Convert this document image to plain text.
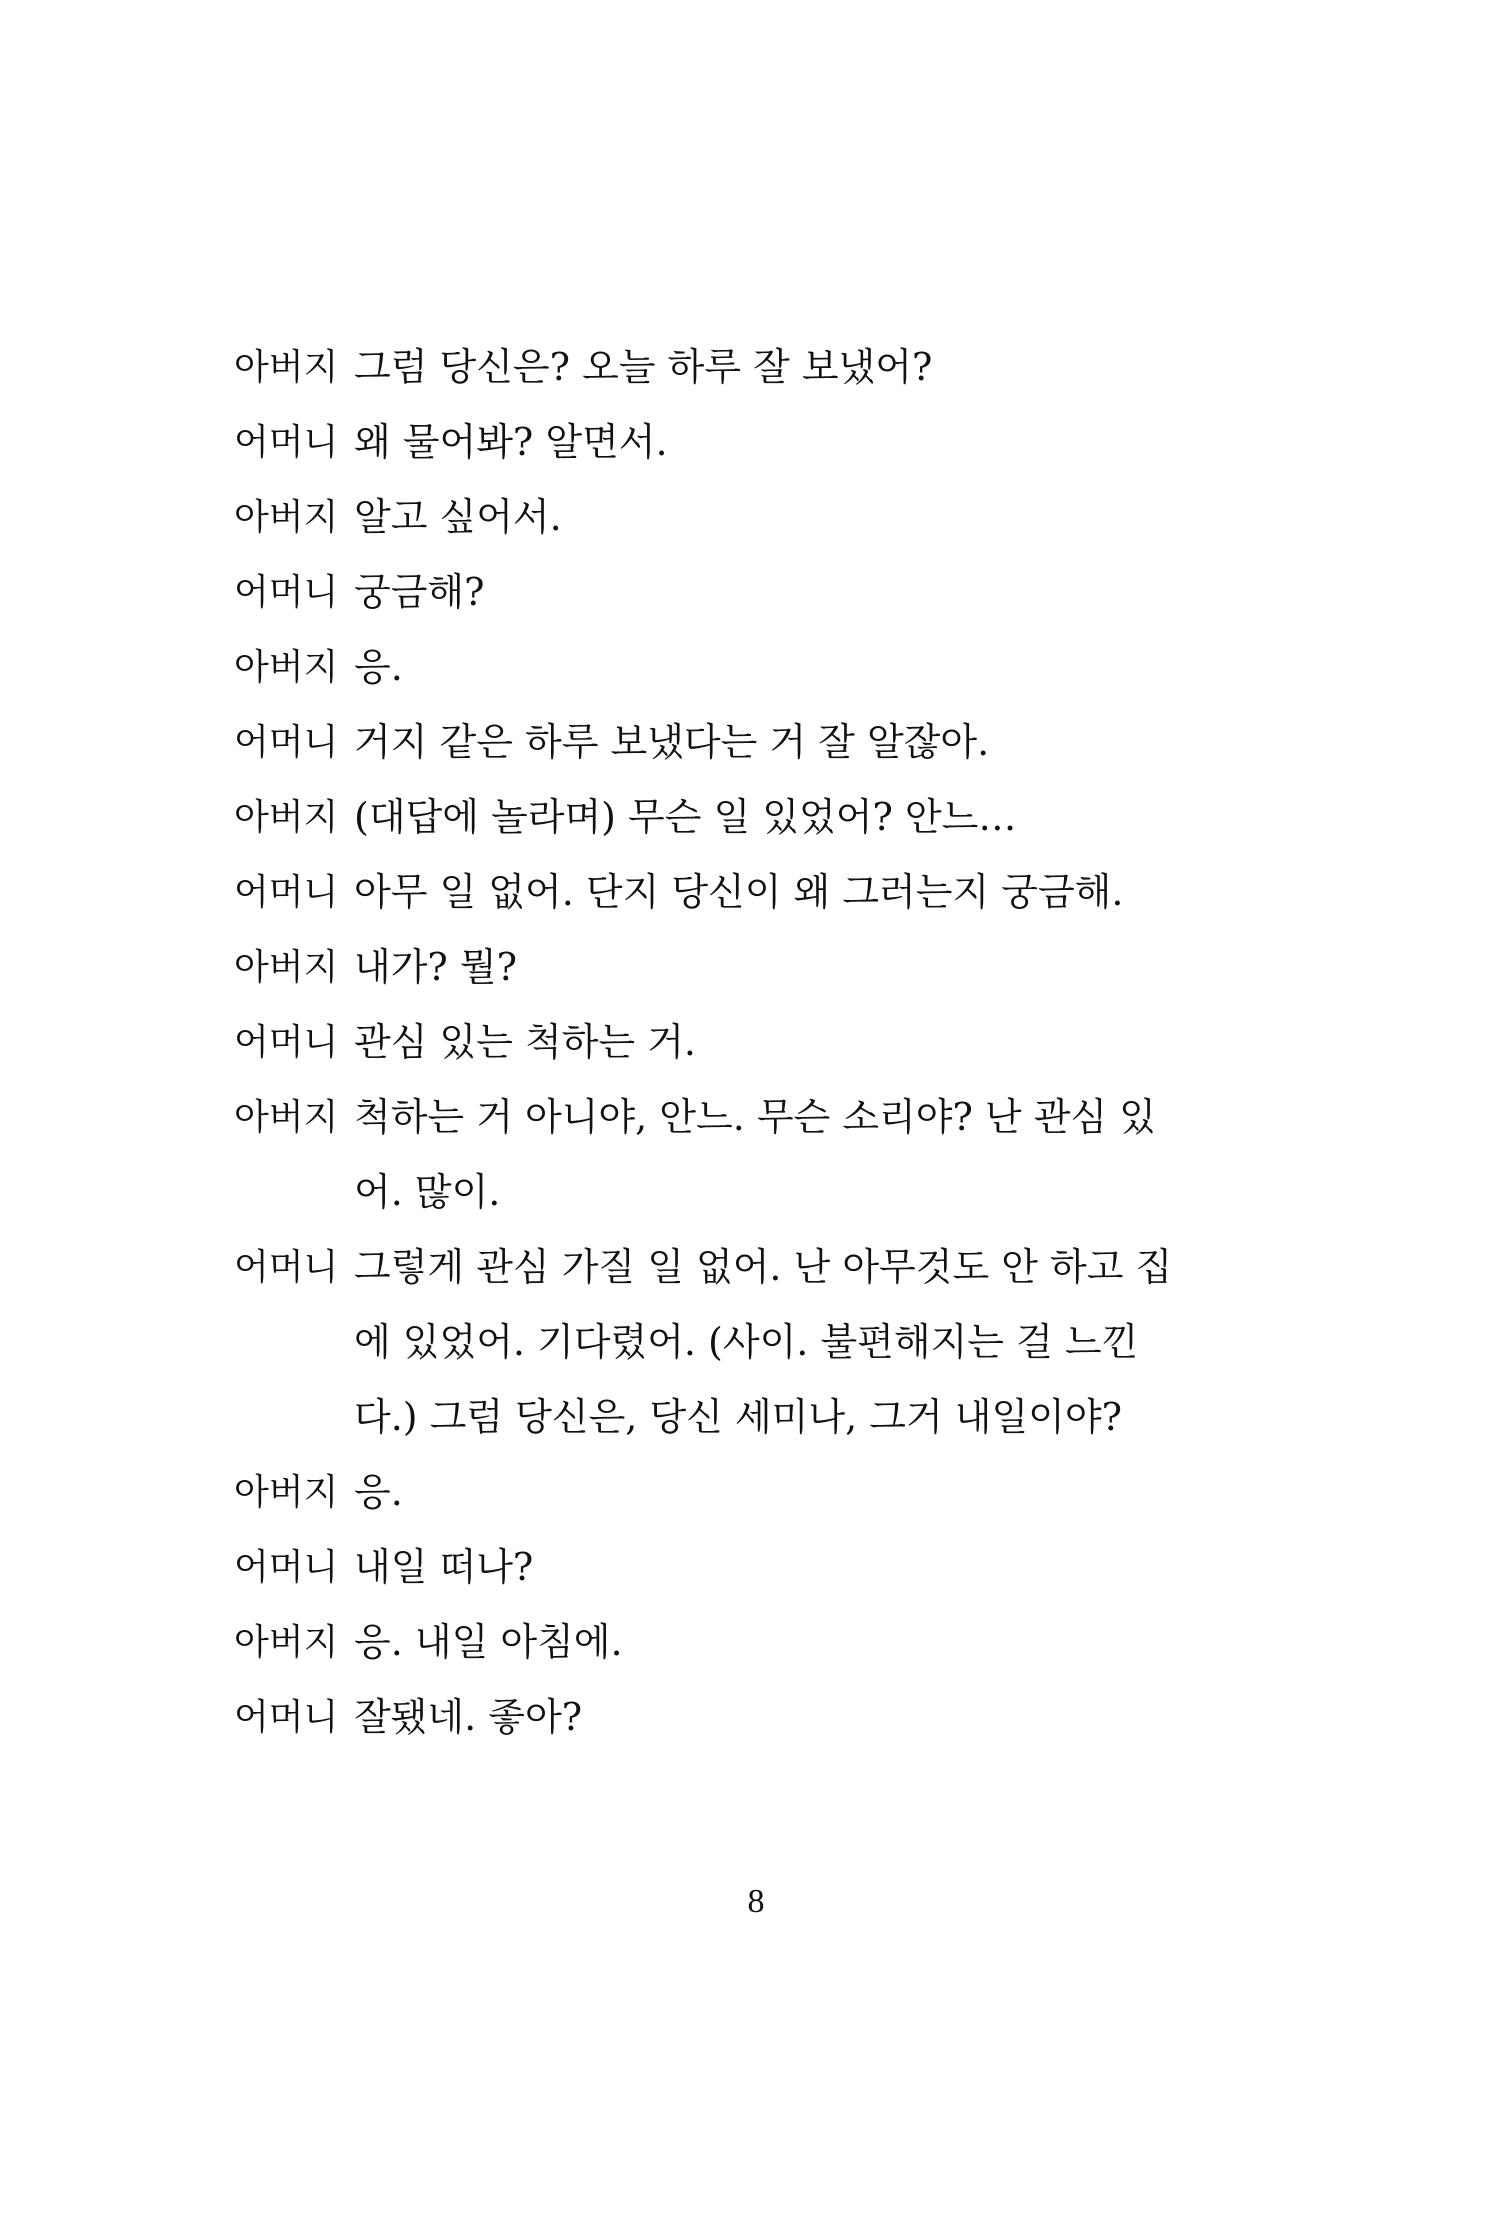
아버지 그럼 당신은? 오늘 하루 잘 보냈어?
어머니 왜 물어봐? 알면서.
아버지 알고 싶어서.
어머니 궁금해?
아버지 응.
어머니 거지 같은 하루 보냈다는 거 잘 알잖아.
아버지 (대답에 놀라며) 무슨 일 있었어? 안느…
어머니 아무 일 없어. 단지 당신이 왜 그러는지 궁금해.
아버지 내가? 뭘?
어머니 관심 있는 척하는 거.
아버지 척하는 거 아니야, 안느. 무슨 소리야? 난 관심 있
어. 많이.
어머니 그렇게 관심 가질 일 없어. 난 아무것도 안 하고 집
에 있었어. 기다렸어. (사이. 불편해지는 걸 느낀
다.) 그럼 당신은, 당신 세미나, 그거 내일이야?
아버지 응.
어머니 내일 떠나?
아버지 응. 내일 아침에.
어머니 잘됐네. 좋아?
8
